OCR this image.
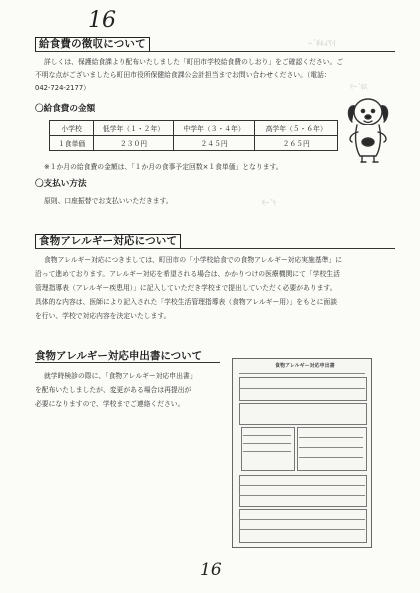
16
ﾄｱﾚﾙｷﾞｰ
ｽﾎﾟｰﾂ
ﾃﾞｰﾀ
給食費の徴収について
詳しくは、保護給食課より配布いたしました「町田市学校給食費のしおり」をご確認ください。ご
不明な点がございましたら町田市役所保健給食課公会計担当までお問い合わせください。（電話：
042-724-2177）
〇給食費の金額
小学校	低学年（１・２年）	中学年（３・４年）	高学年（５・６年）
１食単価	２３０円	２４５円	２６５円
※１か月の給食費の金額は、「１か月の食事予定回数×１食単価」となります。
〇支払い方法
原則、口座振替でお支払いいただきます。
食物アレルギー対応について
食物アレルギー対応につきましては、町田市の「小学校給食での食物アレルギー対応実施基準」に
沿って進めております。アレルギー対応を希望される場合は、かかりつけの医療機関にて「学校生活
管理指導表（アレルギー疾患用）」に記入していただき学校まで提出していただく必要があります。
具体的な内容は、医師により記入された「学校生活管理指導表（食物アレルギー用）」をもとに面談
を行い、学校で対応内容を決定いたします。
食物アレルギー対応申出書について
就学時検診の際に、「食物アレルギー対応申出書」
を配布いたしましたが、変更がある場合は再提出が
必要になりますので、学校までご連絡ください。
食物アレルギー対応申出書
16
